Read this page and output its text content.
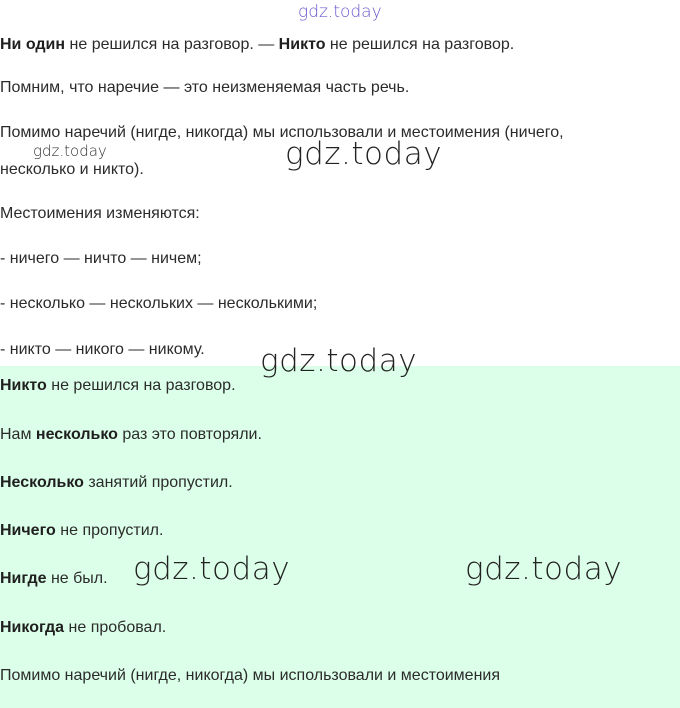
Ни один не решился на разговор. — Никто не решился на разговор.
Помним, что наречие — это неизменяемая часть речь.
Помимо наречий (нигде, никогда) мы использовали и местоимения (ничего,
несколько и никто).
Местоимения изменяются:
- ничего — ничто — ничем;
- несколько — нескольких — несколькими;
- никто — никого — никому.
Никто не решился на разговор.
Нам несколько раз это повторяли.
Несколько занятий пропустил.
Ничего не пропустил.
Нигде не был.
Никогда не пробовал.
Помимо наречий (нигде, никогда) мы использовали и местоимения
gdz.today
gdz.today	gdz.today
gdz.today
gdz.today	gdz.today
